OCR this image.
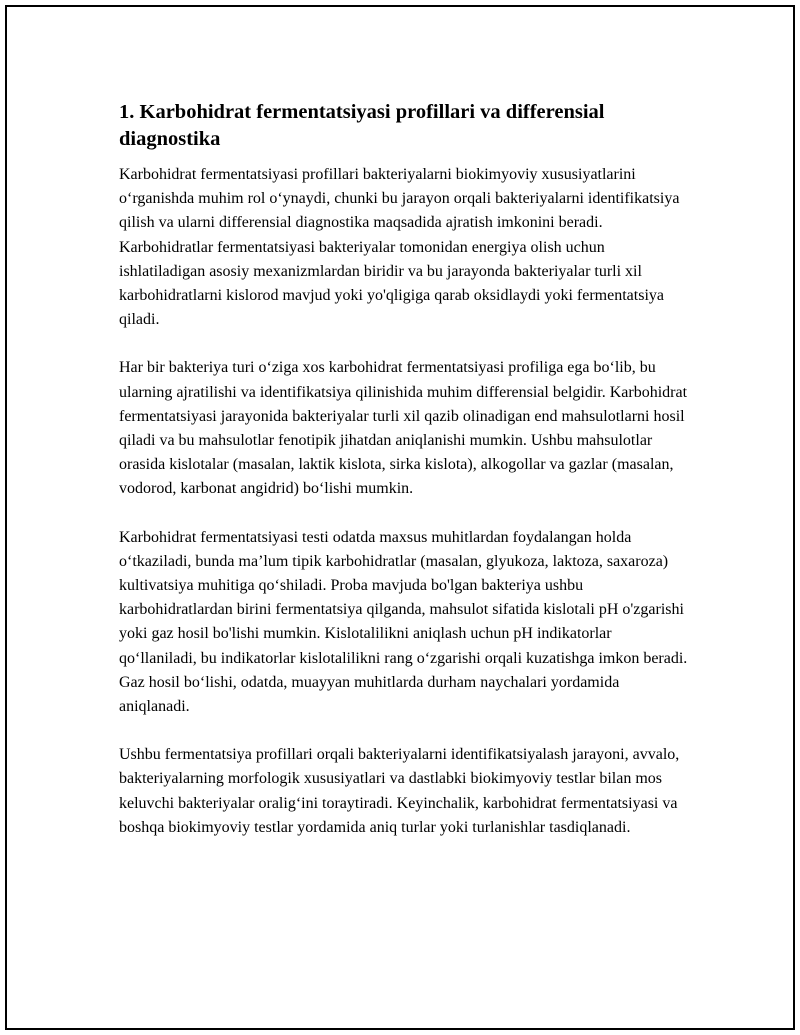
1. Karbohidrat fermentatsiyasi profillari va differensial diagnostika

Karbohidrat fermentatsiyasi profillari bakteriyalarni biokimyoviy xususiyatlarini oʻrganishda muhim rol oʻynaydi, chunki bu jarayon orqali bakteriyalarni identifikatsiya qilish va ularni differensial diagnostika maqsadida ajratish imkonini beradi. Karbohidratlar fermentatsiyasi bakteriyalar tomonidan energiya olish uchun ishlatiladigan asosiy mexanizmlardan biridir va bu jarayonda bakteriyalar turli xil karbohidratlarni kislorod mavjud yoki yo'qligiga qarab oksidlaydi yoki fermentatsiya qiladi.

Har bir bakteriya turi oʻziga xos karbohidrat fermentatsiyasi profiliga ega boʻlib, bu ularning ajratilishi va identifikatsiya qilinishida muhim differensial belgidir. Karbohidrat fermentatsiyasi jarayonida bakteriyalar turli xil qazib olinadigan end mahsulotlarni hosil qiladi va bu mahsulotlar fenotipik jihatdan aniqlanishi mumkin. Ushbu mahsulotlar orasida kislotalar (masalan, laktik kislota, sirka kislota), alkogollar va gazlar (masalan, vodorod, karbonat angidrid) boʻlishi mumkin.

Karbohidrat fermentatsiyasi testi odatda maxsus muhitlardan foydalangan holda oʻtkaziladi, bunda maʼlum tipik karbohidratlar (masalan, glyukoza, laktoza, saxaroza) kultivatsiya muhitiga qoʻshiladi. Proba mavjuda bo'lgan bakteriya ushbu karbohidratlardan birini fermentatsiya qilganda, mahsulot sifatida kislotali pH o'zgarishi yoki gaz hosil bo'lishi mumkin. Kislotalilikni aniqlash uchun pH indikatorlar qoʻllaniladi, bu indikatorlar kislotalilikni rang oʻzgarishi orqali kuzatishga imkon beradi. Gaz hosil boʻlishi, odatda, muayyan muhitlarda durham naychalari yordamida aniqlanadi.

Ushbu fermentatsiya profillari orqali bakteriyalarni identifikatsiyalash jarayoni, avvalo, bakteriyalarning morfologik xususiyatlari va dastlabki biokimyoviy testlar bilan mos keluvchi bakteriyalar oraligʻini toraytiradi. Keyinchalik, karbohidrat fermentatsiyasi va boshqa biokimyoviy testlar yordamida aniq turlar yoki turlanishlar tasdiqlanadi.
